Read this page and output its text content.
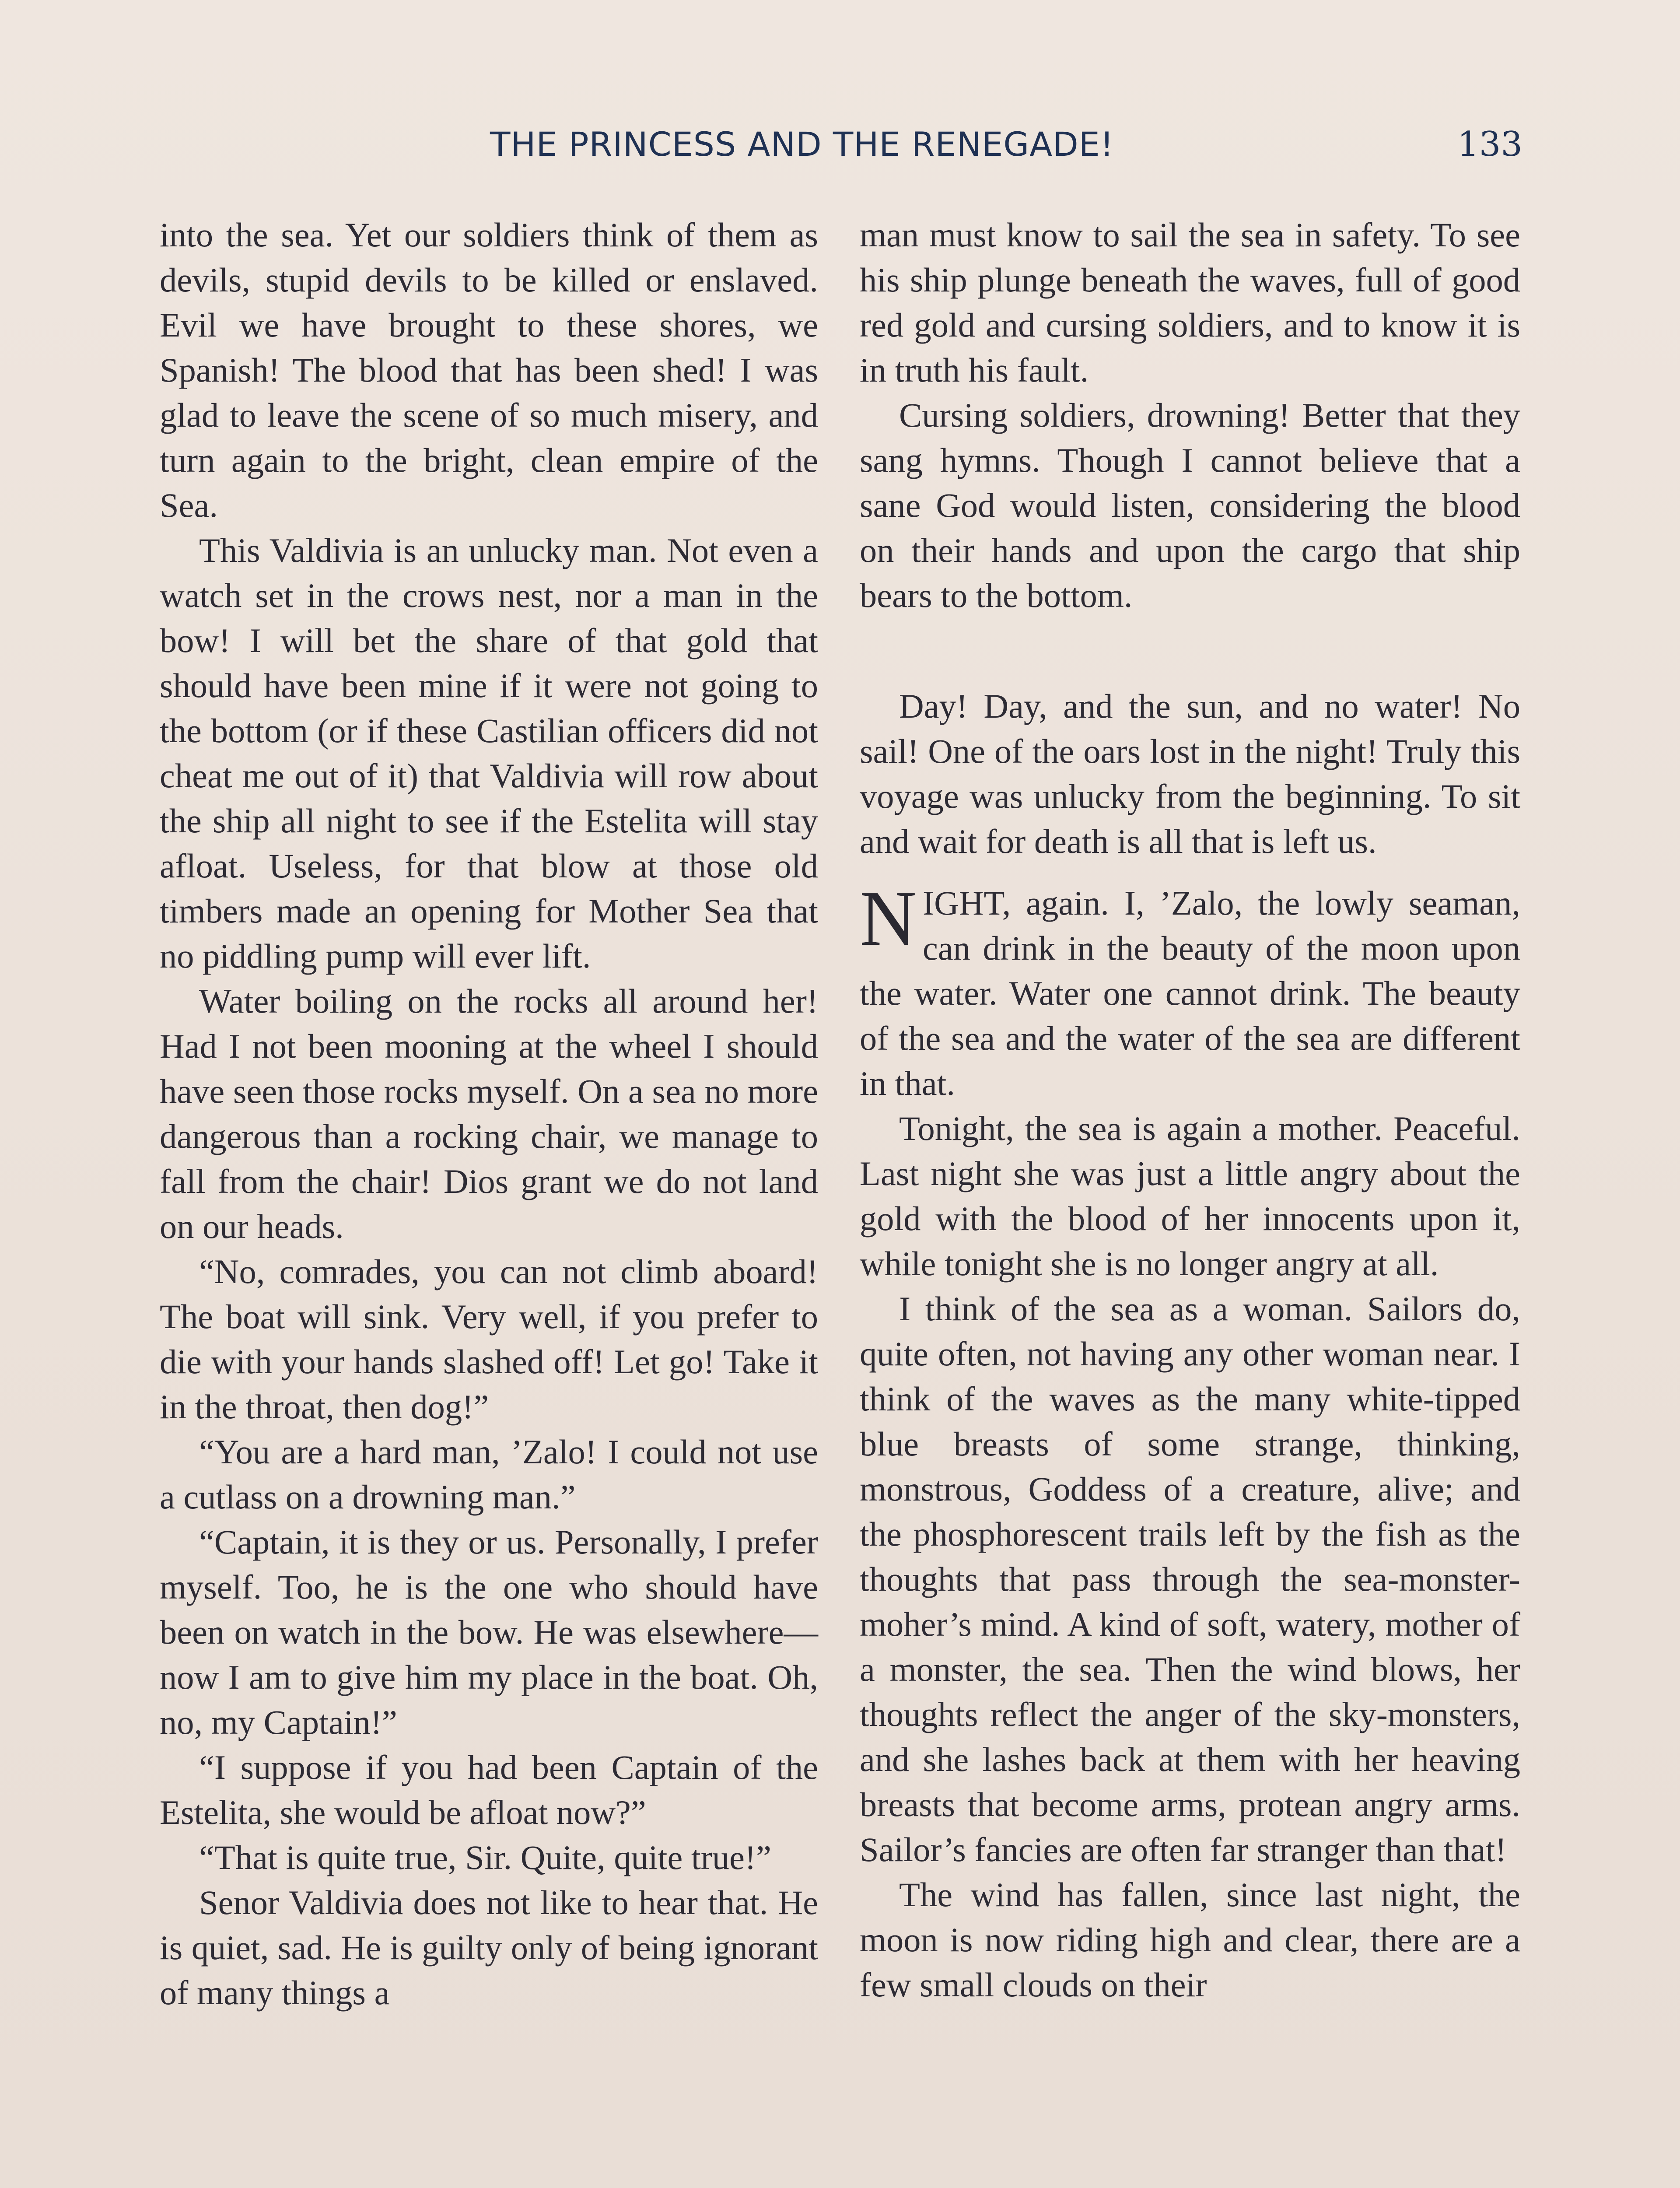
THE PRINCESS AND THE RENEGADE!	133

into the sea. Yet our soldiers think of them as devils, stupid devils to be killed or enslaved. Evil we have brought to these shores, we Spanish! The blood that has been shed! I was glad to leave the scene of so much misery, and turn again to the bright, clean empire of the Sea.

This Valdivia is an unlucky man. Not even a watch set in the crows nest, nor a man in the bow! I will bet the share of that gold that should have been mine if it were not going to the bottom (or if these Castilian officers did not cheat me out of it) that Valdivia will row about the ship all night to see if the Estelita will stay afloat. Useless, for that blow at those old timbers made an opening for Mother Sea that no piddling pump will ever lift.

Water boiling on the rocks all around her! Had I not been mooning at the wheel I should have seen those rocks myself. On a sea no more dangerous than a rocking chair, we manage to fall from the chair! Dios grant we do not land on our heads.

“No, comrades, you can not climb aboard! The boat will sink. Very well, if you prefer to die with your hands slashed off! Let go! Take it in the throat, then dog!”

“You are a hard man, ’Zalo! I could not use a cutlass on a drowning man.”

“Captain, it is they or us. Personally, I prefer myself. Too, he is the one who should have been on watch in the bow. He was elsewhere—now I am to give him my place in the boat. Oh, no, my Captain!”

“I suppose if you had been Captain of the Estelita, she would be afloat now?”

“That is quite true, Sir. Quite, quite true!”

Senor Valdivia does not like to hear that. He is quiet, sad. He is guilty only of being ignorant of many things a

man must know to sail the sea in safety. To see his ship plunge beneath the waves, full of good red gold and cursing soldiers, and to know it is in truth his fault.

Cursing soldiers, drowning! Better that they sang hymns. Though I cannot believe that a sane God would listen, considering the blood on their hands and upon the cargo that ship bears to the bottom.

Day! Day, and the sun, and no water! No sail! One of the oars lost in the night! Truly this voyage was unlucky from the beginning. To sit and wait for death is all that is left us.

NIGHT, again. I, ’Zalo, the lowly seaman, can drink in the beauty of the moon upon the water. Water one cannot drink. The beauty of the sea and the water of the sea are different in that.

Tonight, the sea is again a mother. Peaceful. Last night she was just a little angry about the gold with the blood of her innocents upon it, while tonight she is no longer angry at all.

I think of the sea as a woman. Sailors do, quite often, not having any other woman near. I think of the waves as the many white-tipped blue breasts of some strange, thinking, monstrous, Goddess of a creature, alive; and the phosphorescent trails left by the fish as the thoughts that pass through the sea-monster-moher’s mind. A kind of soft, watery, mother of a monster, the sea. Then the wind blows, her thoughts reflect the anger of the sky-monsters, and she lashes back at them with her heaving breasts that become arms, protean angry arms. Sailor’s fancies are often far stranger than that!

The wind has fallen, since last night, the moon is now riding high and clear, there are a few small clouds on their
